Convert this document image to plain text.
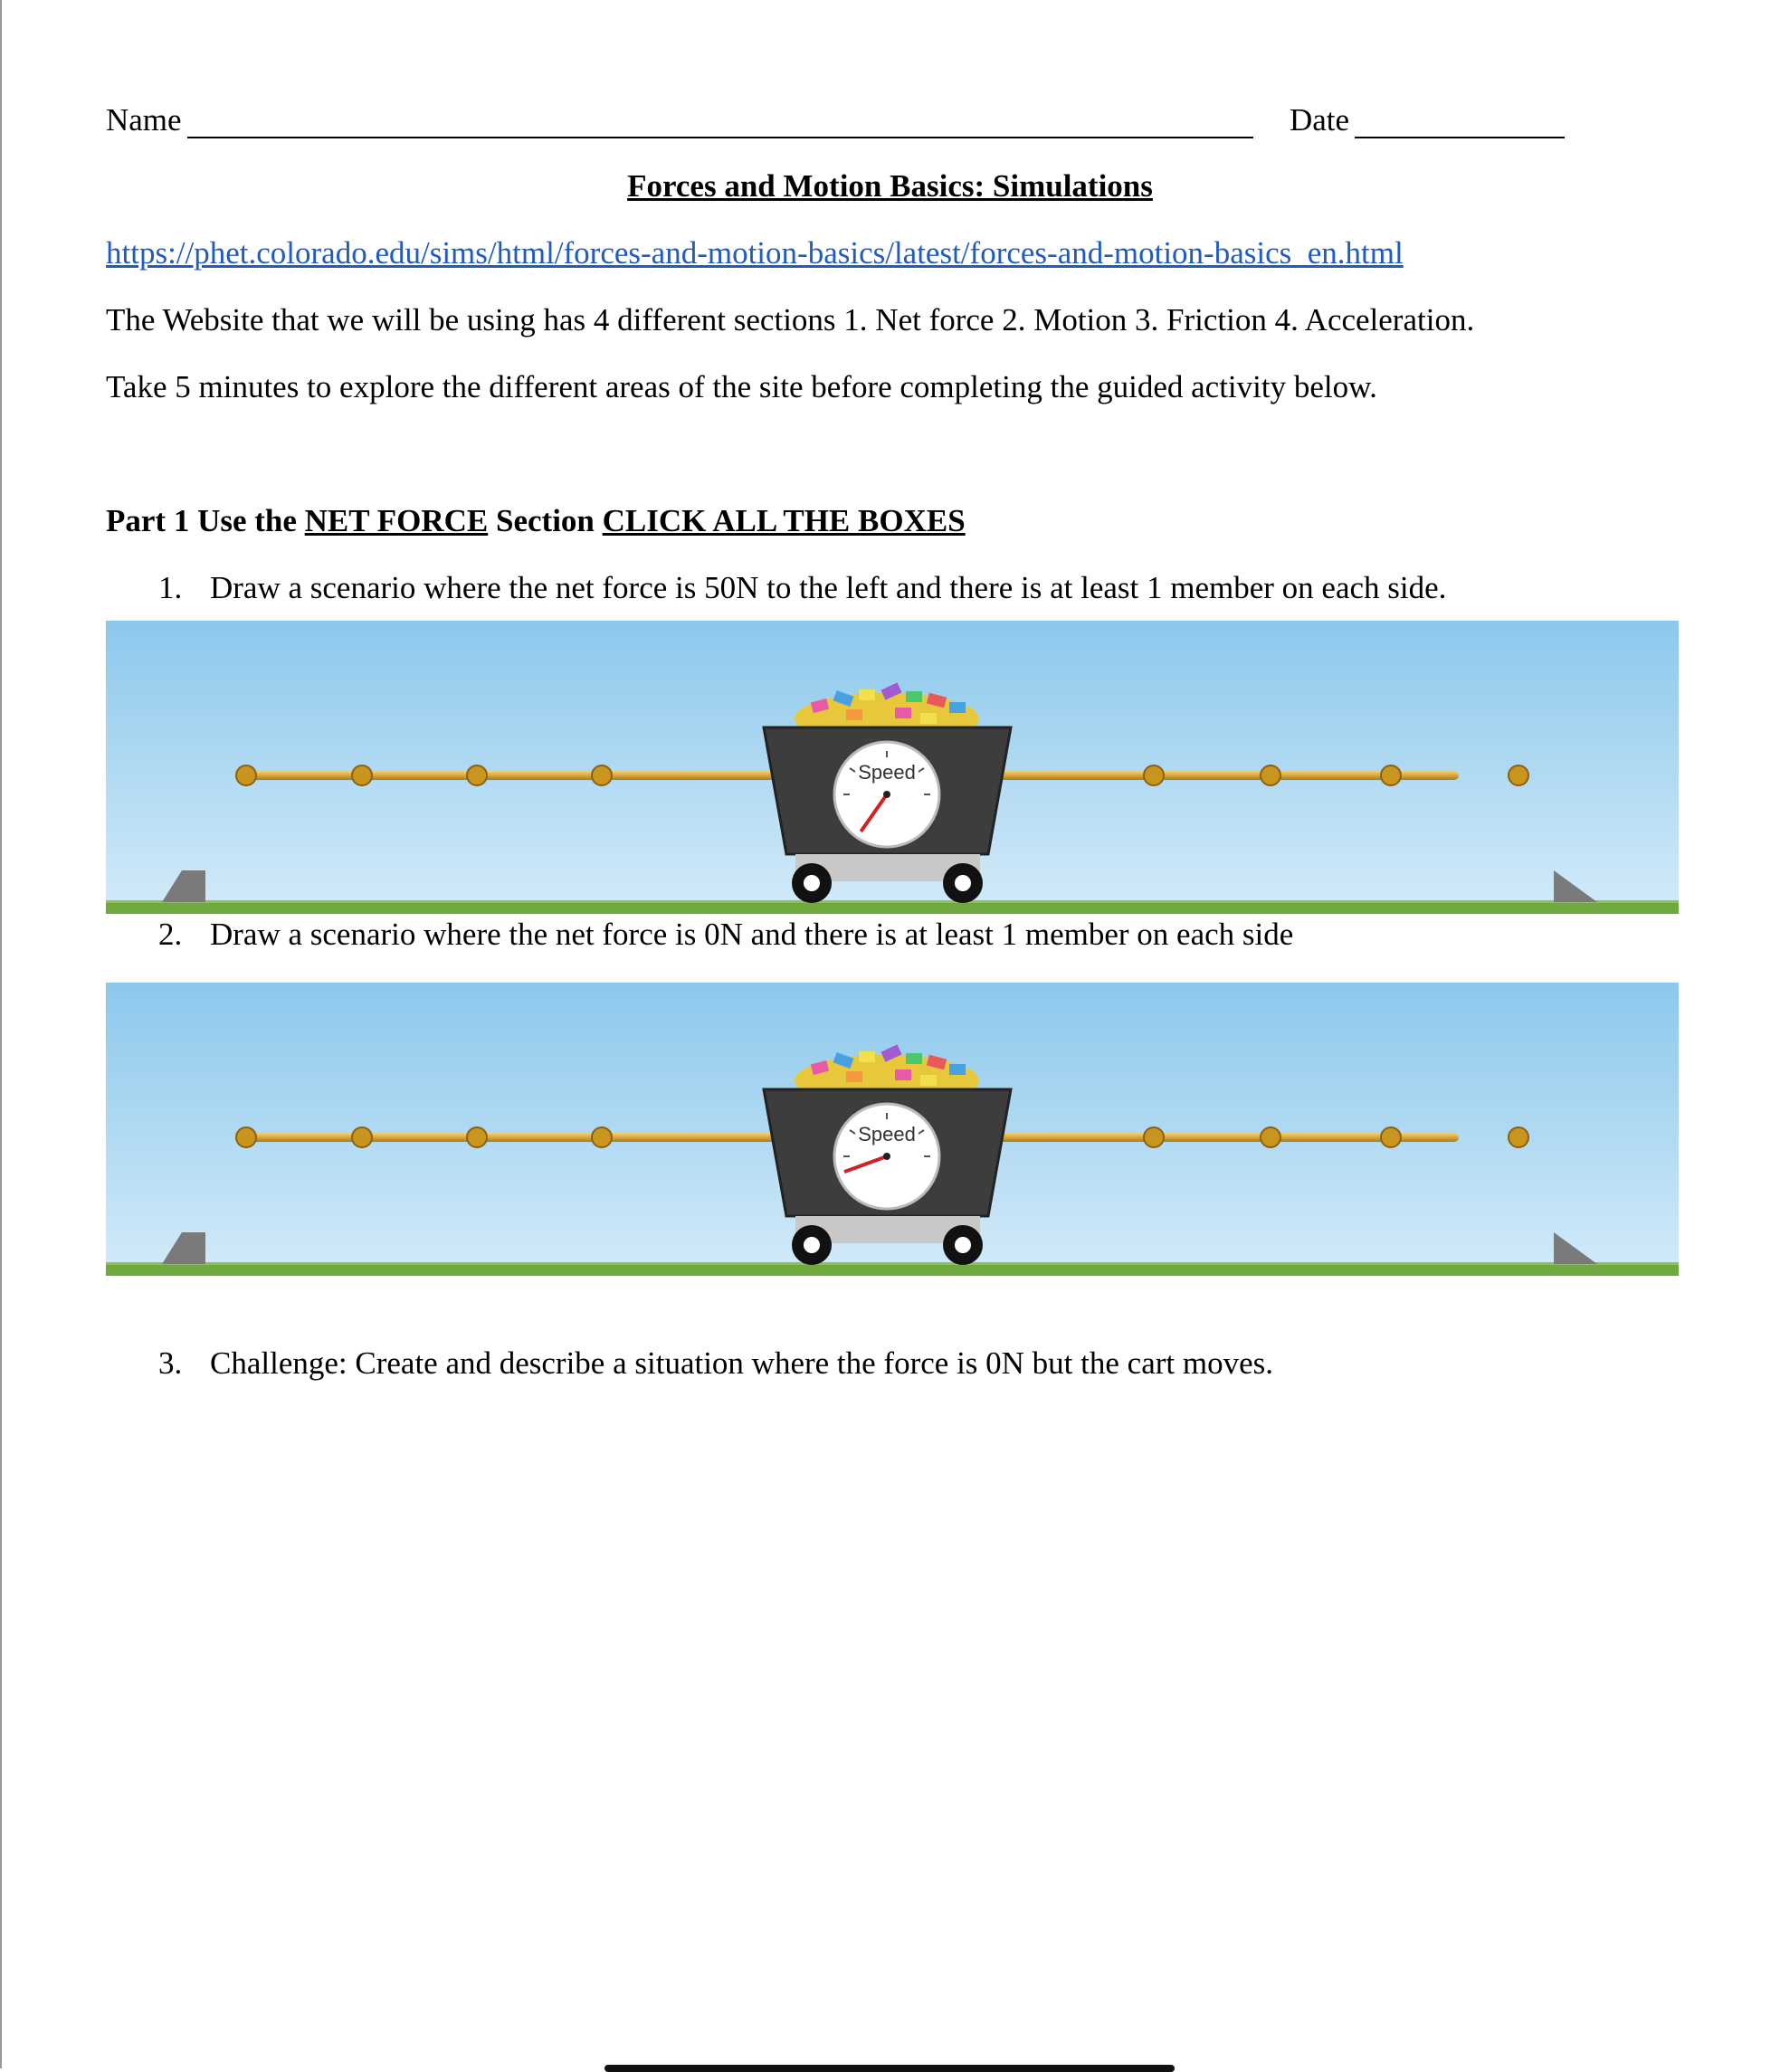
Name	Date
Forces and Motion Basics: Simulations
https://phet.colorado.edu/sims/html/forces-and-motion-basics/latest/forces-and-motion-basics_en.html
The Website that we will be using has 4 different sections 1. Net force 2. Motion 3. Friction 4. Acceleration.
Take 5 minutes to explore the different areas of the site before completing the guided activity below.
Part 1 Use the NET FORCE Section CLICK ALL THE BOXES
1. Draw a scenario where the net force is 50N to the left and there is at least 1 member on each side.
Speed
2. Draw a scenario where the net force is 0N and there is at least 1 member on each side
Speed
3. Challenge: Create and describe a situation where the force is 0N but the cart moves.
